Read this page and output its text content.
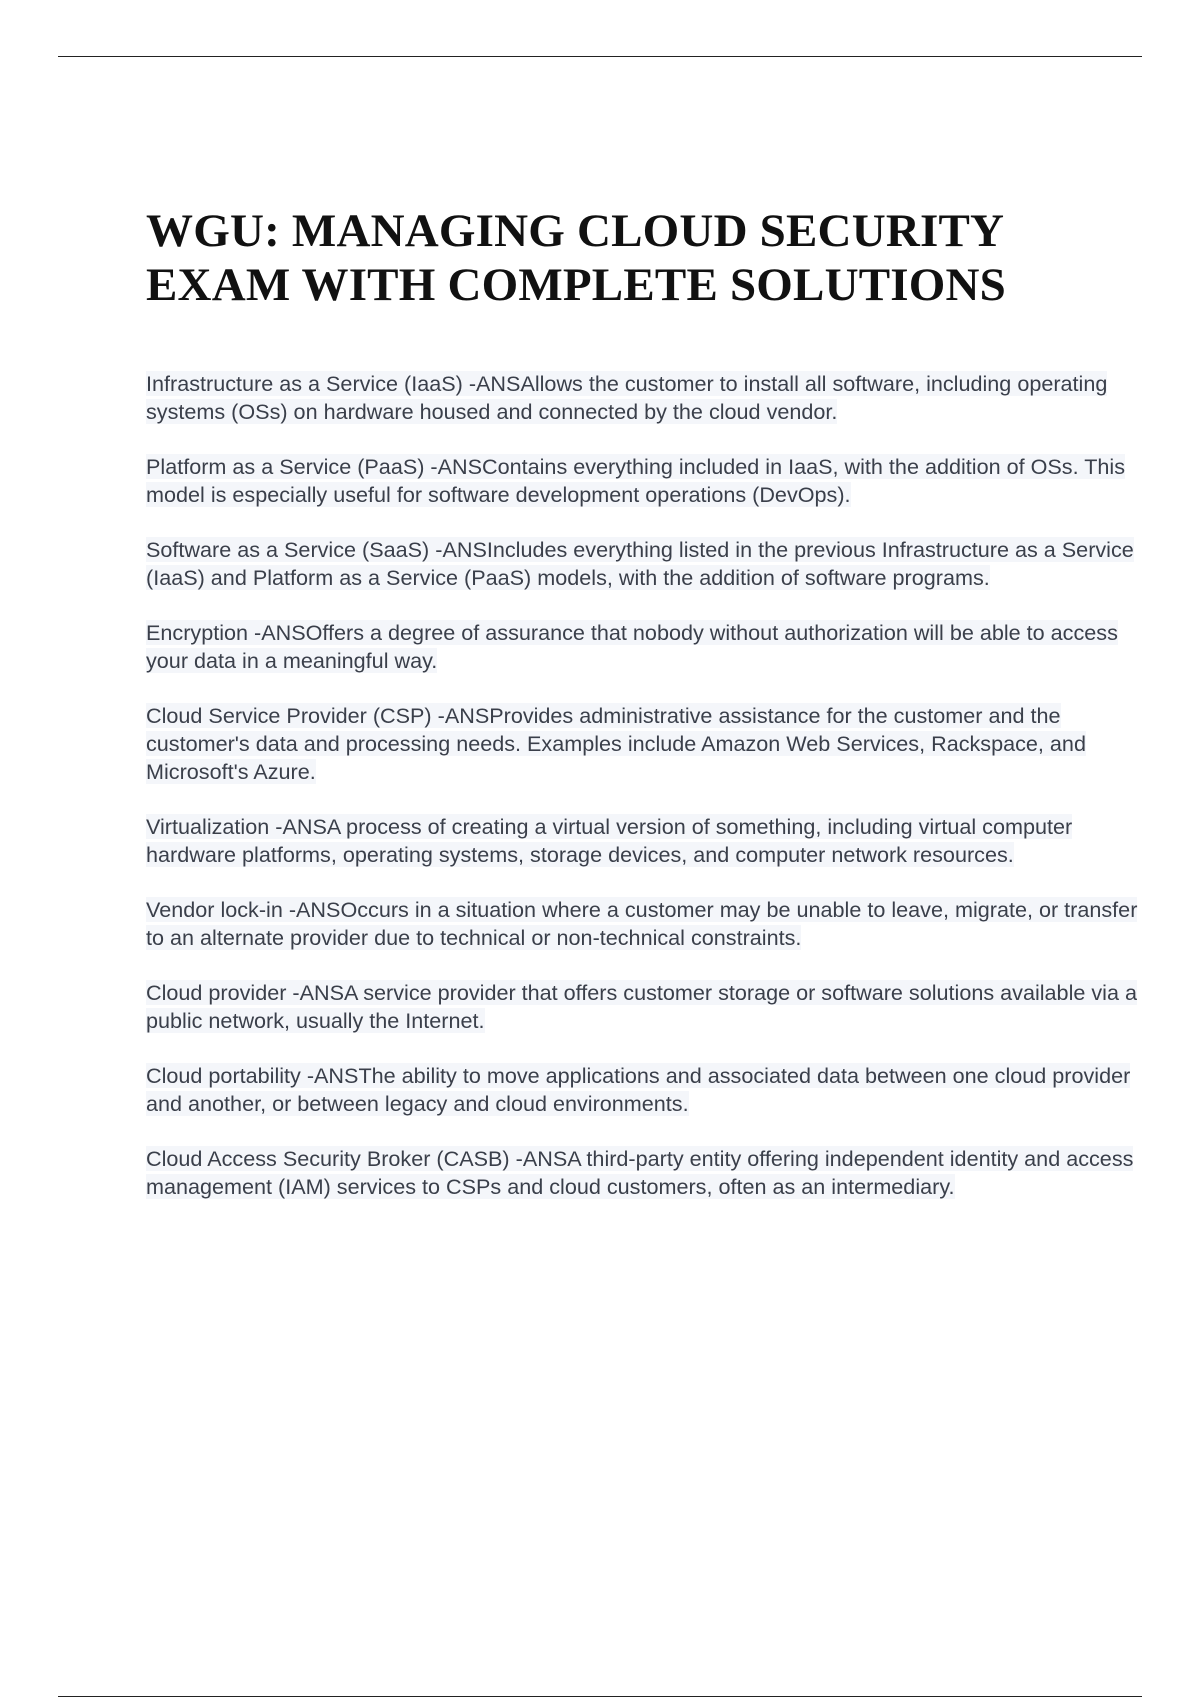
WGU: MANAGING CLOUD SECURITY
EXAM WITH COMPLETE SOLUTIONS

Infrastructure as a Service (IaaS) -ANSAllows the customer to install all software, including operating systems (OSs) on hardware housed and connected by the cloud vendor.

Platform as a Service (PaaS) -ANSContains everything included in IaaS, with the addition of OSs. This model is especially useful for software development operations (DevOps).

Software as a Service (SaaS) -ANSIncludes everything listed in the previous Infrastructure as a Service (IaaS) and Platform as a Service (PaaS) models, with the addition of software programs.

Encryption -ANSOffers a degree of assurance that nobody without authorization will be able to access your data in a meaningful way.

Cloud Service Provider (CSP) -ANSProvides administrative assistance for the customer and the customer's data and processing needs. Examples include Amazon Web Services, Rackspace, and Microsoft's Azure.

Virtualization -ANSA process of creating a virtual version of something, including virtual computer hardware platforms, operating systems, storage devices, and computer network resources.

Vendor lock-in -ANSOccurs in a situation where a customer may be unable to leave, migrate, or transfer to an alternate provider due to technical or non-technical constraints.

Cloud provider -ANSA service provider that offers customer storage or software solutions available via a public network, usually the Internet.

Cloud portability -ANSThe ability to move applications and associated data between one cloud provider and another, or between legacy and cloud environments.

Cloud Access Security Broker (CASB) -ANSA third-party entity offering independent identity and access management (IAM) services to CSPs and cloud customers, often as an intermediary.
